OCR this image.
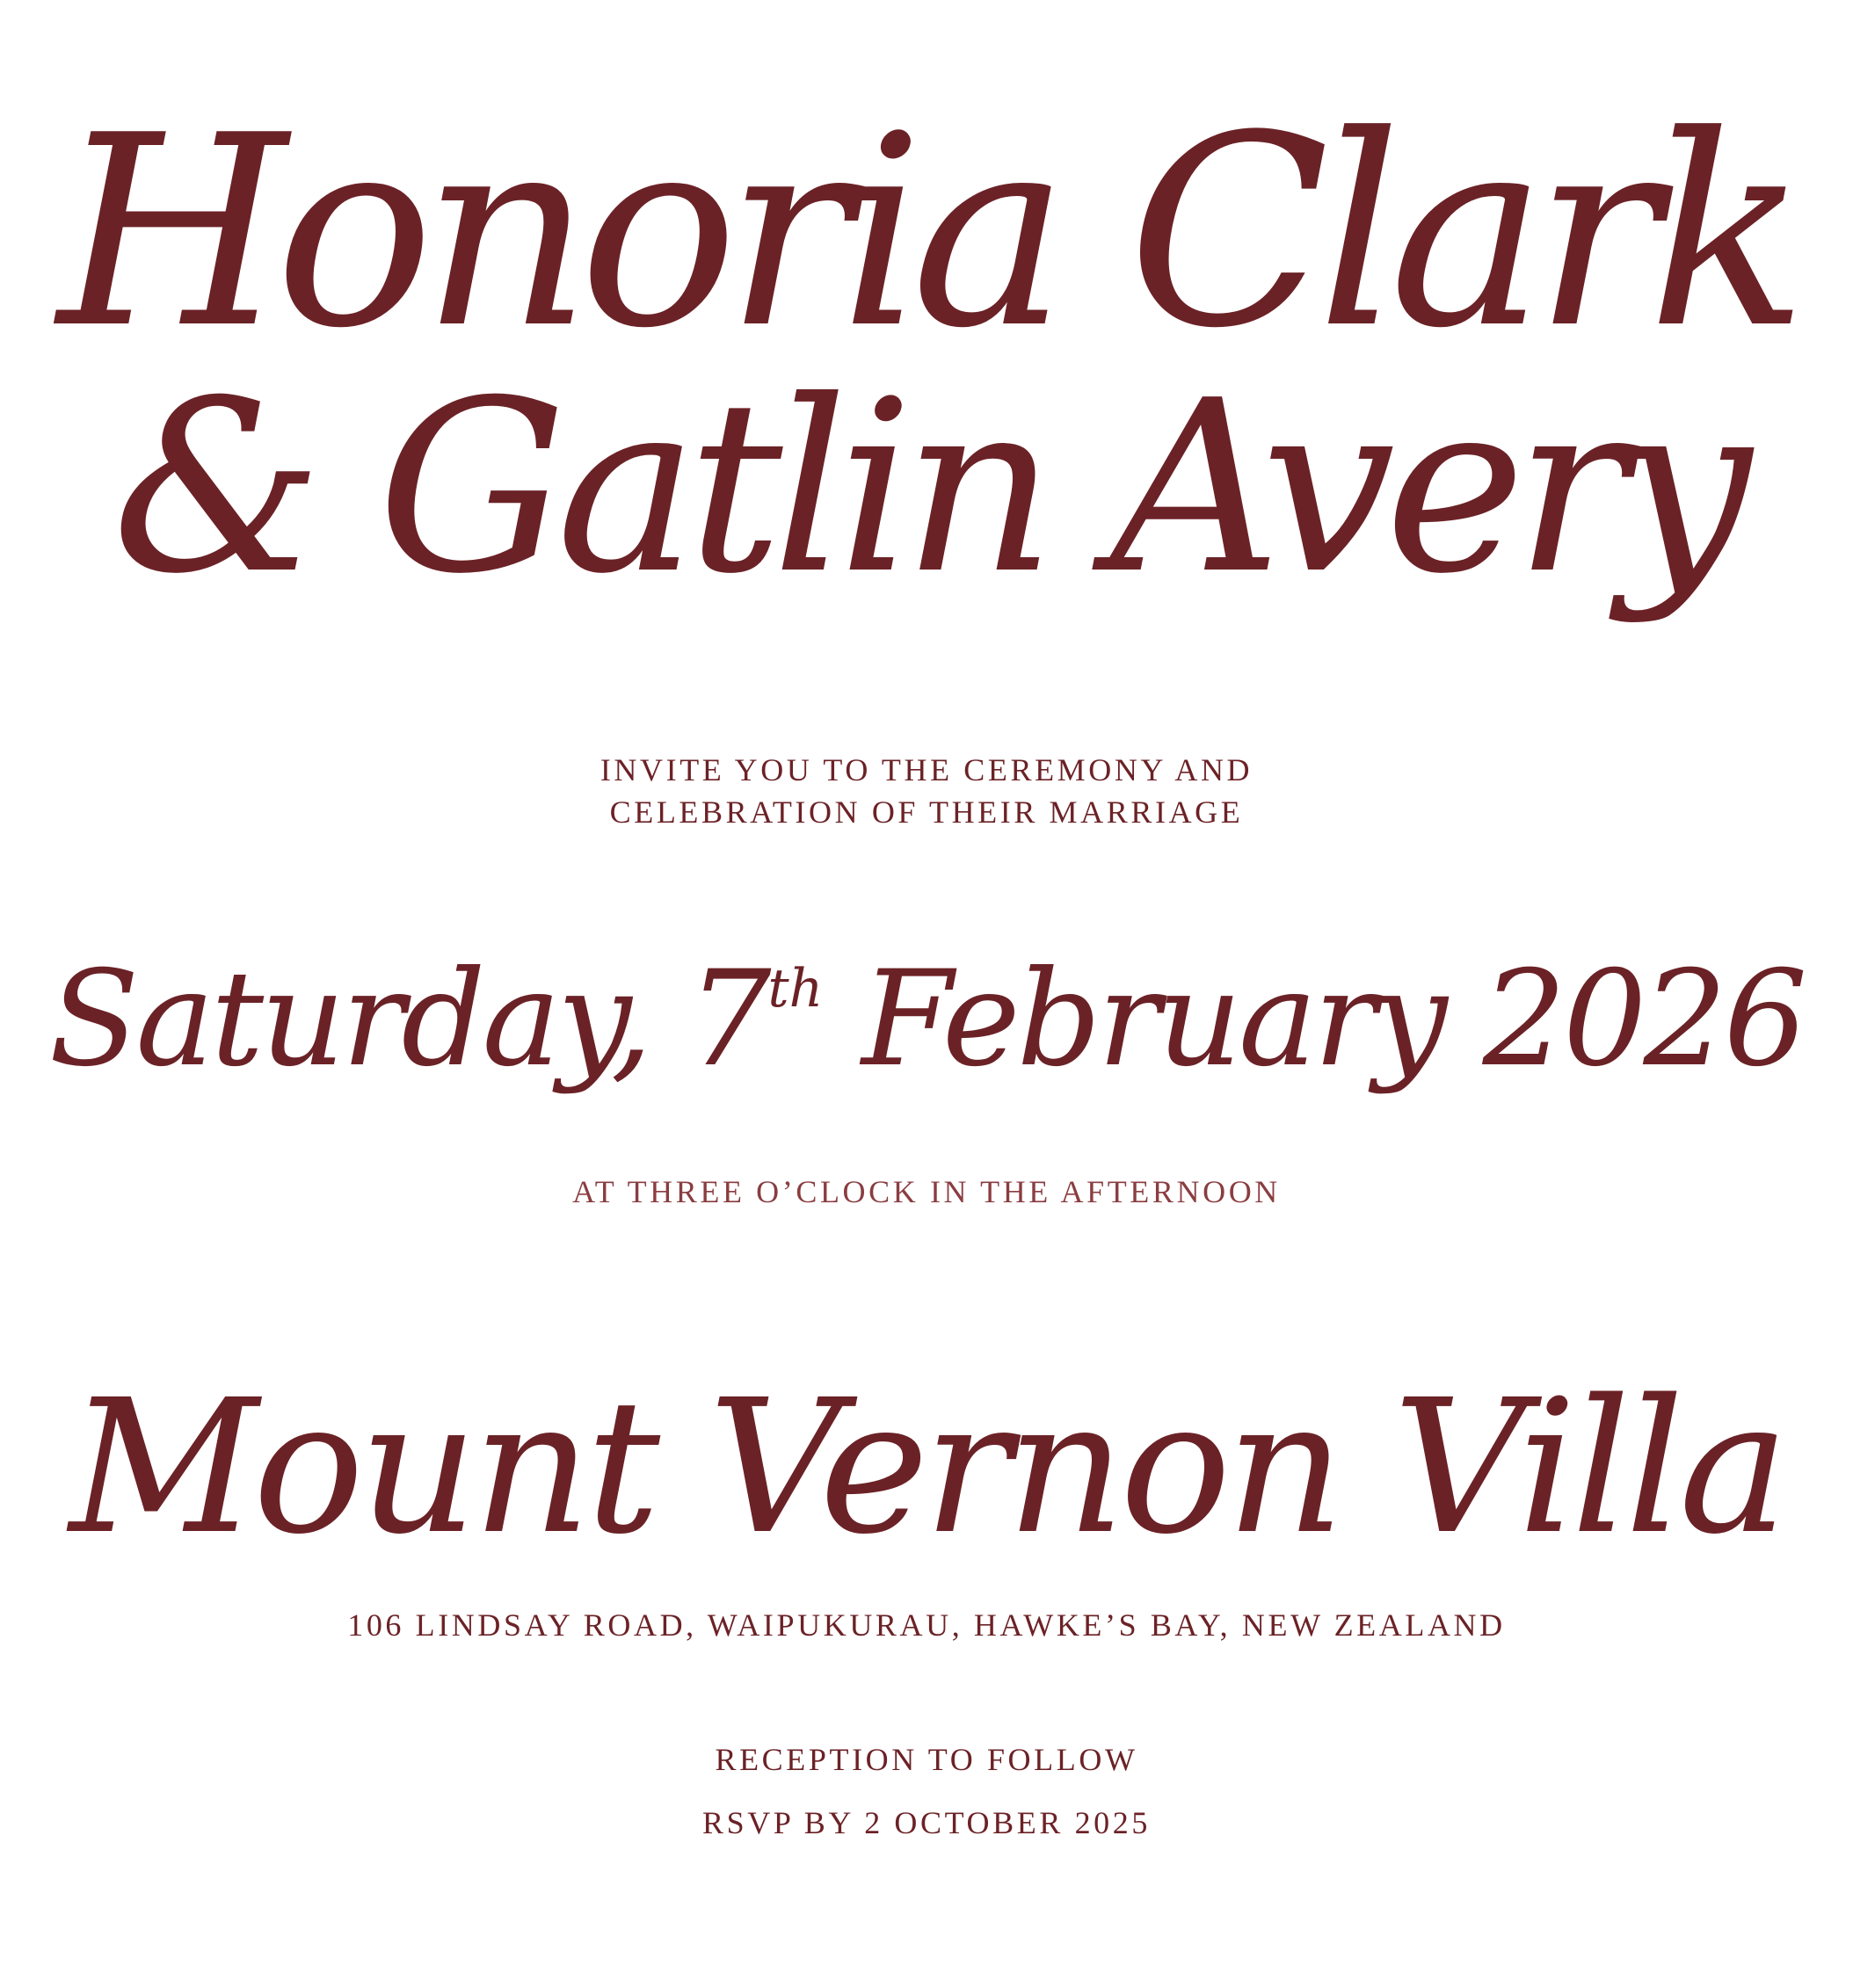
Honoria Clark
& Gatlin Avery
INVITE YOU TO THE CEREMONY AND
CELEBRATION OF THEIR MARRIAGE
Saturday, 7th February 2026
AT THREE O’CLOCK IN THE AFTERNOON
Mount Vernon Villa
106 LINDSAY ROAD, WAIPUKURAU, HAWKE’S BAY, NEW ZEALAND
RECEPTION TO FOLLOW
RSVP BY 2 OCTOBER 2025
